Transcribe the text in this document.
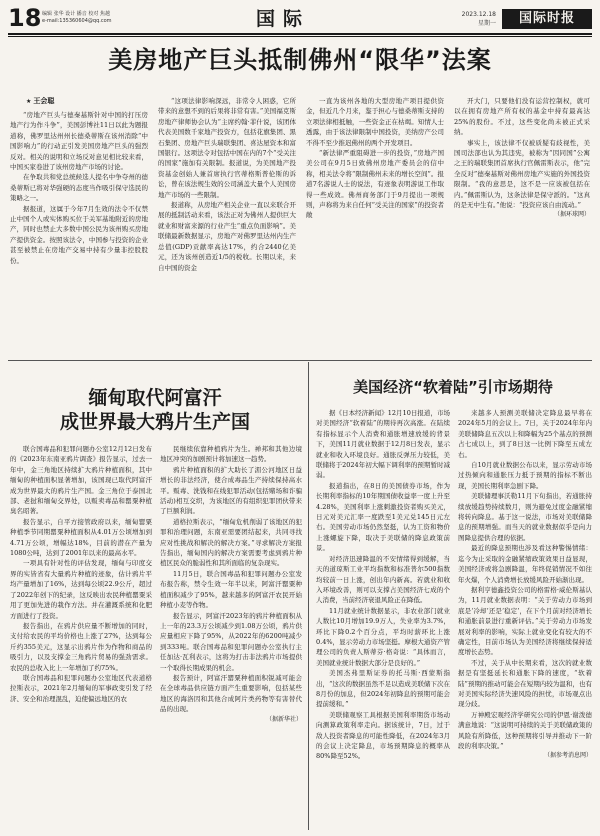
18 编辑 张华 设计 播音 校对 焦越
e-mail:135360604@qq.com	国际	2023.12.18
星期一	国际时报
美房地产巨头抵制佛州“限华”法案
★ 王会聪

“房地产巨头与德秦基斯针对中国的打压房地产行为作斗争”，美国彭博社11日以此为题报道称，佛罗里达州州长德桑蒂斯在该州消除“中国影响力”的行动正引发美国房地产巨头的强烈反对。相关的说明和立场反对意见相比较来看，中国买家卷进了该州房地产市场的讨论。

在争取共和党总统候选人提名中争夺州的德桑蒂斯已将对华强硬的态度当作吸引保守选民的策略之一。

据报道，这属于今年7月生效的法令不仅禁止中国个人或实体购买位于关军基地附近的房地产，同时也禁止大多数中国公民为该州购买房地产提供资金。按照该法令，中国参与投资的企业甚至被禁止在房地产交易中持有少量非控股股份。

“这项法律影响深远，非常令人困惑，它所带来的意想不到的后果将非常有害。”美国福克斯房地产律师协会认为“主席约翰·菲什说，该团体代表美国数千家地产投资方，包括花旗集团、黑石集团、房地产巨头瑞联集团、喜达屋资本和富国银行。这项法令对包括中国在内的7个“受关注的国家”施加有关限制。报道说，为美国地产投资基金创始人兼首席执行官蒂格斯普伦斯的诉讼，曾在该法规生效的公司涵盖大量个人美国房地产市场的一些限制。

报道称，从房地产相关企业一直以来联合开展的抵制活动来看，该法正对为佛州人提供巨大就业和财富来源的行业产生“重点负面影响”。美联储最新数据显示，房地产对佛罗里达州内生产总值(GDP)贡献率高达17%，约合2440亿美元，还为该州创造近1/5的税收。长期以来，来自中国的资金

一直为该州各地的大型房地产项目提供资金，但近几个月来，鉴于担心与德桑蒂斯支持的立项法律相抵触，一些资金正在枯竭。知情人士透露，由于该法律限制中国投资，美纳房产公司不得不至少推迟佛州的两个开发项目。

“新法律严重阻碍进一步的投资，”房地产国美公司在9月5日致佛州房地产委员会的信中称，相关法令将“限制佛州未来的增长空间”。报道7名游说人士的说法，有迹象表明游说工作取得一些成效。佛州商务部门于9月提出一项规则，声称将为来自任何“受关注的国家”的投资者敞

开大门，只要他们没有运营控制权，就可以在拥有房地产所有权的基金中持有最高达25%的股份。不过，这些变化尚未被正式采纳。

事实上，该法律不仅被质疑有歧视性，美国司法部也认为其违宪，被称为“因同国”公寓之王的瑞联集团首席执行官佩雷斯表示，他“完全反对”德秦基斯对佛州房地产实施的外国投资限制。“我的意思是，这不是一应该被包括在内。”佩雷斯认为，这条法律是保守派的。“这真的是无中生有。”他说：“投资应该自由流动。”

（据环球网）
缅甸取代阿富汗
成世界最大鸦片生产国

联合国毒品和犯罪问题办公室12月12日发布的《2023年东南亚鸦片调查》报告显示，过去一年中，金三角地区持续扩大鸦片种植面积，其中缅甸的种植面积显著增加，该国现已取代阿富汗成为世界最大的鸦片生产国。金三角位于泰国北部、老挝和缅甸交界处，以贩卖毒品和罂粟种植臭名昭著。

报告显示，自平方接管政府以来，缅甸罂粟种植季节同期罂粟种植面积从4.01万公顷增加到4.71万公顷，增幅达18%，目前的潜在产量为1080公吨，达到了2001年以来的最高水平。

一项具有针对性的评估发现，缅甸与印度交界的实皆省有大量鸦片种植的迹象，估计鸦片平均产量增加了16%，达到每公顷22.9公斤，超过了2022年创下的纪录，这反映出农民种植罂粟采用了更加先进的栽作方法。并在灌溉系统和化肥方面进行了投资。

报告指出，在鸦片供应量不断增加的同时，支付给农民的平均价格也上涨了27%，达到每公斤约355美元，这显示出鸦片作为作物和商品的吸引力，以及支撑金三角鸦片贸易的强劲需求。农民的总收入比上一年增加了约75%。

联合国毒品和犯罪问题办公室地区代表道格拉斯表示，2021年2月缅甸的军事政变引发了经济、安全和治理混乱，迫使偏远地区的农

民继续依靠种植鸦片为生。禅邦和其他边境地区冲突的加剧预计将加速这一趋势。

鸦片种植面积的扩大助长了湄公河地区日益增长的非法经济，使合成毒品生产持续保持高水平。贩毒、洗钱和在线犯罪活动(包括赌场和诈骗活动)相互交织，为该地区的有组织犯罪团伙带来了巨额利润。

道格拉斯表示，“缅甸危机削弱了该地区的犯罪和治理问题，东南亚需要团结起来，共同寻找应对性挑战和解决的解决方案。”寻求解决方案报告指出，缅甸国内的解决方案需要考虑到鸦片种植区民众的脆弱性和其所面临的复杂现实。

11月5日，联合国毒品和犯罪问题办公室发布报告称，禁令生效一年半以来，阿富汗罂粟种植面积减少了95%，越来越多的阿富汗农民开始种植小麦等作物。

报告显示，阿富汗2023年的鸦片种植面积从上一年的23.3万公顷减少到1.08万公顷，鸦片供应量相应下降了95%，从2022年的6200吨减少到333吨。联合国毒品和犯罪问题办公室执行主任加达·瓦利表示，这将为打击非法鸦片市场提供一个取得长期成果的机会。

报告预计，阿富汗罂粟种植面积锐减可能会在全球毒品供应链方面产生重要影响，包括某些地区的海洛因和其他合成阿片类药物等有害替代品的出现。

（据新华社）
美国经济“软着陆”引市场期待

据《日本经济新闻》12月10日报道，市场对美国经济“软着陆”的期待再次高涨。在陆续有指标显示个人消费和通胀增速放缓的背景下，美国11月就业数据于12月8日发表，显示就业和收入环境良好。通胀反弹压力较低，美联储将于2024年初大幅下调利率的预期暂时减弱。

报道指出，在8日的美国债券市场，作为长期利率指标的10年期国债收益率一度上升至4.28%，美国利率上涨刺激投资者购买美元，日元对美元汇率一度跌至1美元兑145日元左右。美国劳动市场仍然坚挺，认为工资和物价上涨螺旋下降，取决于美联储的降息政策前景。

对经济迅速降温的不安情绪得到缓解，当天的道琼斯工业平均指数和标准普尔500指数均较前一日上涨，创出年内新高。若就业和收入环境改善，则可以支撑占美国经济七成的个人消费，当前经济衰退风险正在降低。

11月就业统计数据显示，非农业部门就业人数比10月增加19.9万人，失业率为3.7%，环比下降0.2个百分点，平均时薪环比上涨0.4%，显示劳动力市场坚挺。摩根大通资产管理公司的负责人斯蒂芬·格奇说：“具体而言，美国就业统计数据大部分是良好的。”

美国杰弗里斯证券的托马斯·西蒙斯指出，“这次的数据虽然不足以造成美联储下次在8月份的加息，但2024年初降息的预期可能会提前缓和。”

美联储观察工具根据美国利率期货市场动向测算政策利率走向。据该统计，7日，过于敌人投资者降息的可能性降低，在2024年3月的会议上决定降息，市场预期降息的概率从80%降至52%。

来越多人预测美联储决定降息最早将在2024年5月的会议上。7日，关于2024年年内美联储降息五次以上和降幅为25个基点的预测占七成以上，到了8日这一比例下降至五成左右。

自10月就业数据公布以来，显示劳动市场过热倾向和通胀压力抵于预期的指标不断出现，美国长期利率急剧下降。

美联储理事沃勒11月下旬指出，若通胀持续放缓趋势持续数月，则为避免过度金融紧缩将转向降息。基于这一说法，市场对美联储降息的预期增强。而当天的就业数据似乎是向力图降息提供合理的依据。

最近的降息预期也涉及看这种警惕情绪：迄今为止采取的金融紧缩政策效果日益显现，美国经济或将急剧降温，年终促销情况不如往年火爆，个人消费增长放缓风险开始渐出现。

据利亨德鑫投资公司的格雷格·威伦斯基认为，11月就业数据表明：“关于劳动力市场到底是‘冷却’还是‘稳定’，在下个月前对经济增长和通胀前景进行重新评估。”关于劳动力市场发展对利率的影响，实际上就业变化有较大的不确定性，目前市场认为美国经济将继续保持适度增长态势。

不过，关于从中长期来看，这次的就业数据是有坚挺延长和通胀下降的速度，“软着陆”预期的推动可能会在短期内较为温和，也有对美国实际经济失速风险的担忧，市场观点出现分歧。

万神殿宏观经济学研究公司的伊恩·谢泼德满意地说：“这说明可持续的关于美联储政策的风险有所降低，这种预期将引导并推动下一阶段的利率决策。”

（据参考消息网）
